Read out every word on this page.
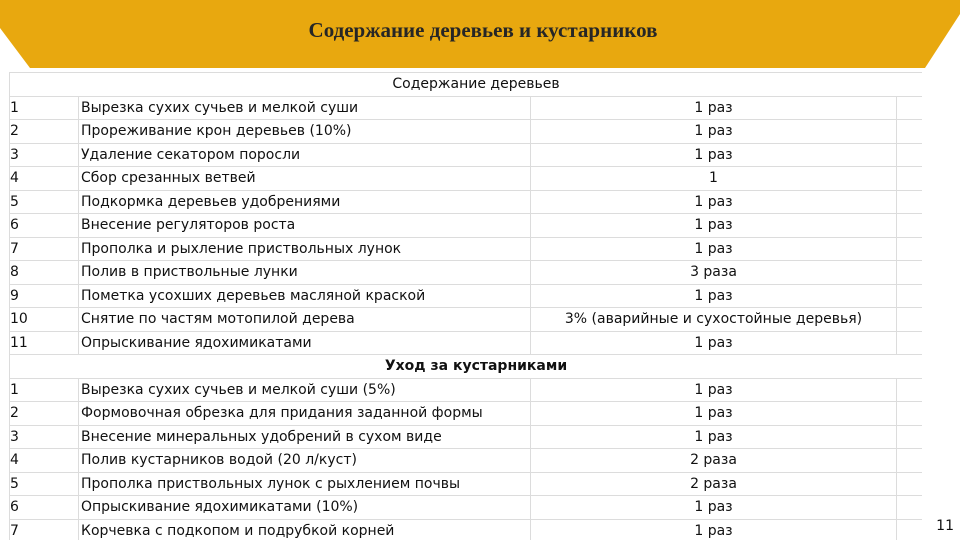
Содержание деревьев и кустарников
Содержание деревьев			
1	Вырезка сухих сучьев и мелкой суши	1 раз	
2	Прореживание крон деревьев (10%)	1 раз	
3	Удаление секатором поросли	1 раз	
4	Сбор срезанных ветвей	1	
5	Подкормка деревьев удобрениями	1 раз	
6	Внесение регуляторов роста	1 раз	
7	Прополка и рыхление приствольных лунок	1 раз	
8	Полив в приствольные лунки	3 раза	
9	Пометка усохших деревьев масляной краской	1 раз	
10	Снятие по частям мотопилой дерева	3% (аварийные и сухостойные деревья)	
11	Опрыскивание ядохимикатами	1 раз	
Уход за кустарниками			
1	Вырезка сухих сучьев и мелкой суши (5%)	1 раз	
2	Формовочная обрезка для придания заданной формы	1 раз	
3	Внесение минеральных удобрений в сухом виде	1 раз	
4	Полив кустарников водой (20 л/куст)	2 раза	
5	Прополка приствольных лунок с рыхлением почвы	2 раза	
6	Опрыскивание ядохимикатами (10%)	1 раз	
7	Корчевка с подкопом и подрубкой корней	1 раз		11
